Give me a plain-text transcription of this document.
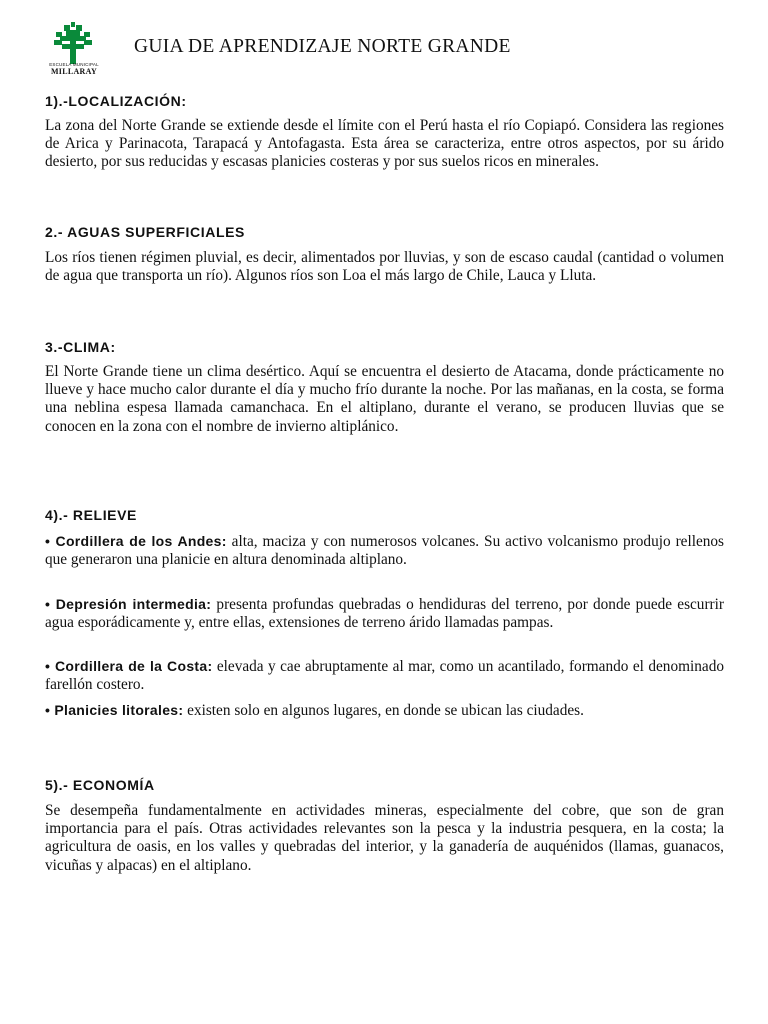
ESCUELA MUNICIPAL
MILLARAY
GUIA DE APRENDIZAJE NORTE GRANDE
1).-LOCALIZACIÓN:
La zona del Norte Grande se extiende desde el límite con el Perú hasta el río Copiapó. Considera las regiones de Arica y Parinacota, Tarapacá y Antofagasta. Esta área se caracteriza, entre otros aspectos, por su árido desierto, por sus reducidas y escasas planicies costeras y por sus suelos ricos en minerales.
2.- AGUAS SUPERFICIALES
Los ríos tienen régimen pluvial, es decir, alimentados por lluvias, y son de escaso caudal (cantidad o volumen de agua que transporta un río). Algunos ríos son Loa el más largo de Chile, Lauca y Lluta.
3.-CLIMA:
El Norte Grande tiene un clima desértico. Aquí se encuentra el desierto de Atacama, donde prácticamente no llueve y hace mucho calor durante el día y mucho frío durante la noche. Por las mañanas, en la costa, se forma una neblina espesa llamada camanchaca. En el altiplano, durante el verano, se producen lluvias que se conocen en la zona con el nombre de invierno altiplánico.
4).- RELIEVE
• Cordillera de los Andes: alta, maciza y con numerosos volcanes. Su activo volcanismo produjo rellenos que generaron una planicie en altura denominada altiplano.
• Depresión intermedia: presenta profundas quebradas o hendiduras del terreno, por donde puede escurrir agua esporádicamente y, entre ellas, extensiones de terreno árido llamadas pampas.
• Cordillera de la Costa: elevada y cae abruptamente al mar, como un acantilado, formando el denominado farellón costero.
• Planicies litorales: existen solo en algunos lugares, en donde se ubican las ciudades.
5).- ECONOMÍA
Se desempeña fundamentalmente en actividades mineras, especialmente del cobre, que son de gran importancia para el país. Otras actividades relevantes son la pesca y la industria pesquera, en la costa; la agricultura de oasis, en los valles y quebradas del interior, y la ganadería de auquénidos (llamas, guanacos, vicuñas y alpacas) en el altiplano.
